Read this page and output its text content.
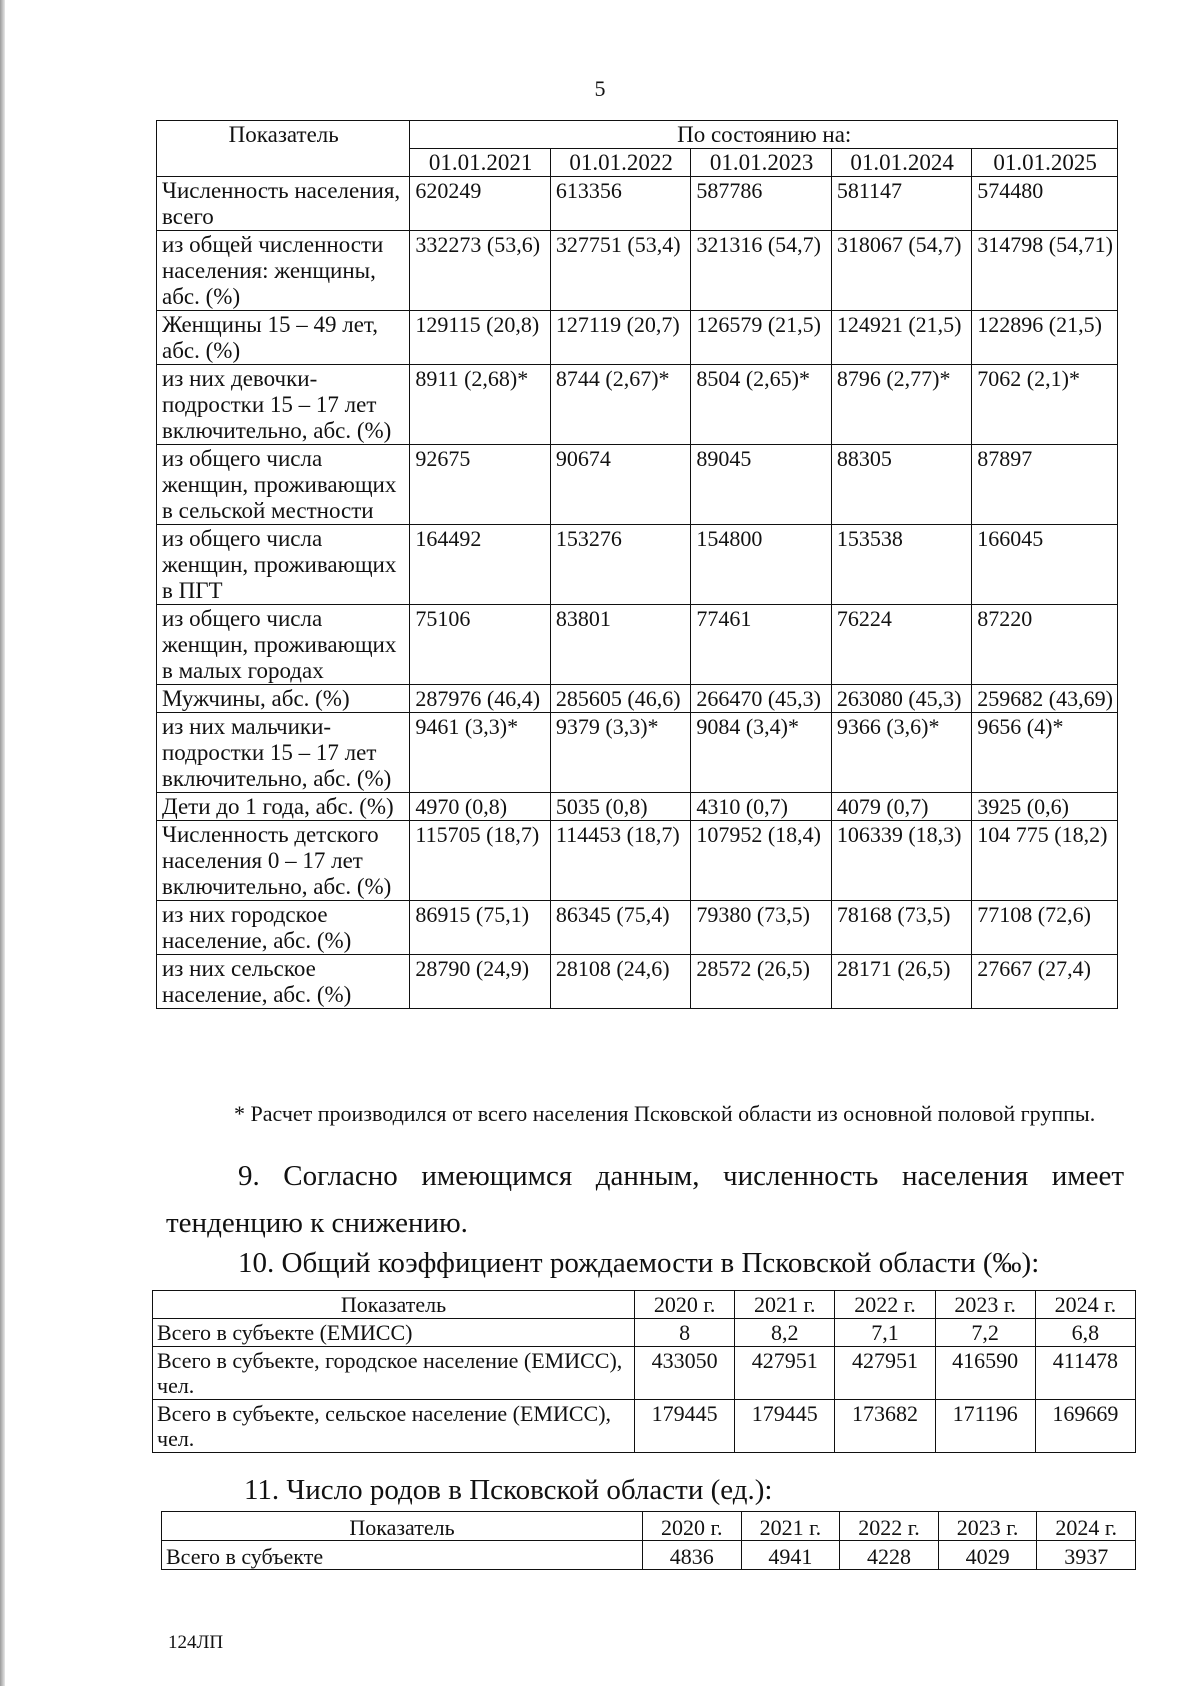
5
Показатель	По состоянию на:				
	01.01.2021	01.01.2022	01.01.2023	01.01.2024	01.01.2025
Численность населения, всего	620249	613356	587786	581147	574480
из общей численности населения: женщины, абс. (%)	332273 (53,6)	327751 (53,4)	321316 (54,7)	318067 (54,7)	314798 (54,71)
Женщины 15 – 49 лет, абс. (%)	129115 (20,8)	127119 (20,7)	126579 (21,5)	124921 (21,5)	122896 (21,5)
из них девочки-подростки 15 – 17 лет включительно, абс. (%)	8911 (2,68)*	8744 (2,67)*	8504 (2,65)*	8796 (2,77)*	7062 (2,1)*
из общего числа женщин, проживающих в сельской местности	92675	90674	89045	88305	87897
из общего числа женщин, проживающих в ПГТ	164492	153276	154800	153538	166045
из общего числа женщин, проживающих в малых городах	75106	83801	77461	76224	87220
Мужчины, абс. (%)	287976 (46,4)	285605 (46,6)	266470 (45,3)	263080 (45,3)	259682 (43,69)
из них мальчики-подростки 15 – 17 лет включительно, абс. (%)	9461 (3,3)*	9379 (3,3)*	9084 (3,4)*	9366 (3,6)*	9656 (4)*
Дети до 1 года, абс. (%)	4970 (0,8)	5035 (0,8)	4310 (0,7)	4079 (0,7)	3925 (0,6)
Численность детского населения 0 – 17 лет включительно, абс. (%)	115705 (18,7)	114453 (18,7)	107952 (18,4)	106339 (18,3)	104 775 (18,2)
из них городское население, абс. (%)	86915 (75,1)	86345 (75,4)	79380 (73,5)	78168 (73,5)	77108 (72,6)
из них сельское население, абс. (%)	28790 (24,9)	28108 (24,6)	28572 (26,5)	28171 (26,5)	27667 (27,4)
* Расчет производился от всего населения Псковской области из основной половой группы.
9. Согласно имеющимся данным, численность населения имеет
тенденцию к снижению.
10. Общий коэффициент рождаемости в Псковской области (‰):
Показатель	2020 г.	2021 г.	2022 г.	2023 г.	2024 г.
Всего в субъекте (ЕМИСС)	8	8,2	7,1	7,2	6,8
Всего в субъекте, городское население (ЕМИСС), чел.	433050	427951	427951	416590	411478
Всего в субъекте, сельское население (ЕМИСС), чел.	179445	179445	173682	171196	169669
11. Число родов в Псковской области (ед.):
Показатель	2020 г.	2021 г.	2022 г.	2023 г.	2024 г.
Всего в субъекте	4836	4941	4228	4029	3937
124ЛП
